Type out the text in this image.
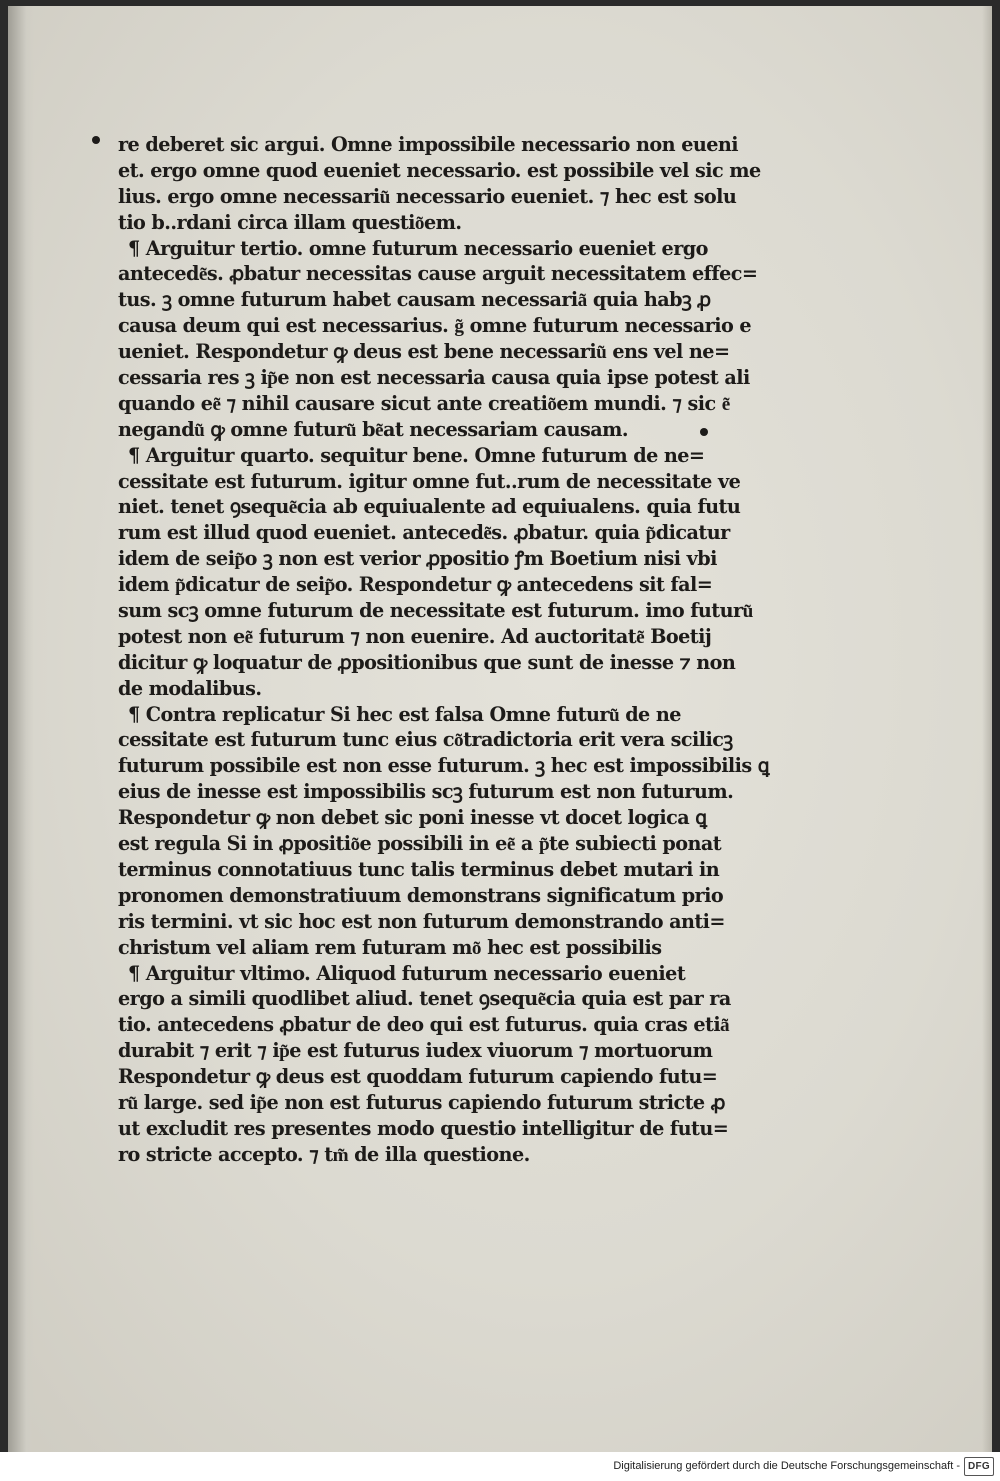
re deberet sic argui. Omne impossibile necessario non eueni
et. ergo omne quod eueniet necessario. est possibile vel sic me
lius. ergo omne necessariu͂ necessario eueniet. ⁊ hec est solu
tio b..rdani circa illam questio͂em.
¶ Arguitur tertio. omne futurum necessario eueniet ergo
antecede͂s. ꝓbatur necessitas cause arguit necessitatem effec=
tus. ꝫ omne futurum habet causam necessaria͂ quia habꝫ ꝓ
causa deum qui est necessarius. g͂ omne futurum necessario e
ueniet. Respondetur ꝙ deus est bene necessariu͂ ens vel ne=
cessaria res ꝫ ip͂e non est necessaria causa quia ipse potest ali
quando ee͂ ⁊ nihil causare sicut ante creatio͂em mundi. ⁊ sic e͂
negandu͂ ꝙ omne futuru͂ be͂at necessariam causam.
¶ Arguitur quarto. sequitur bene. Omne futurum de ne=
cessitate est futurum. igitur omne fut..rum de necessitate ve
niet. tenet ꝯseque͂cia ab equiualente ad equiualens. quia futu
rum est illud quod eueniet. antecede͂s. ꝓbatur. quia p͂dicatur
idem de seip͂o ꝫ non est verior ꝓpositio ꝭm Boetium nisi vbi
idem p͂dicatur de seip͂o. Respondetur ꝙ antecedens sit fal=
sum scꝫ omne futurum de necessitate est futurum. imo futuru͂
potest non ee͂ futurum ⁊ non euenire. Ad auctoritate͂ Boetij
dicitur ꝙ loquatur de ꝓpositionibus que sunt de inesse ⁊ non
de modalibus.
¶ Contra replicatur Si hec est falsa Omne futuru͂ de ne
cessitate est futurum tunc eius co͂tradictoria erit vera scilicꝫ
futurum possibile est non esse futurum. ꝫ hec est impossibilis ꝗ
eius de inesse est impossibilis scꝫ futurum est non futurum.
Respondetur ꝙ non debet sic poni inesse vt docet logica ꝗ
est regula Si in ꝓpositio͂e possibili in ee͂ a p͂te subiecti ponat
terminus connotatiuus tunc talis terminus debet mutari in
pronomen demonstratiuum demonstrans significatum prio
ris termini. vt sic hoc est non futurum demonstrando anti=
christum vel aliam rem futuram mo͂ hec est possibilis
¶ Arguitur vltimo. Aliquod futurum necessario eueniet
ergo a simili quodlibet aliud. tenet ꝯseque͂cia quia est par ra
tio. antecedens ꝓbatur de deo qui est futurus. quia cras etia͂
durabit ⁊ erit ⁊ ip͂e est futurus iudex viuorum ⁊ mortuorum
Respondetur ꝙ deus est quoddam futurum capiendo futu=
ru͂ large. sed ip͂e non est futurus capiendo futurum stricte ꝓ
ut excludit res presentes modo questio intelligitur de futu=
ro stricte accepto. ⁊ tm͂ de illa questione.
Digitalisierung gefördert durch die Deutsche Forschungsgemeinschaft - DFG
